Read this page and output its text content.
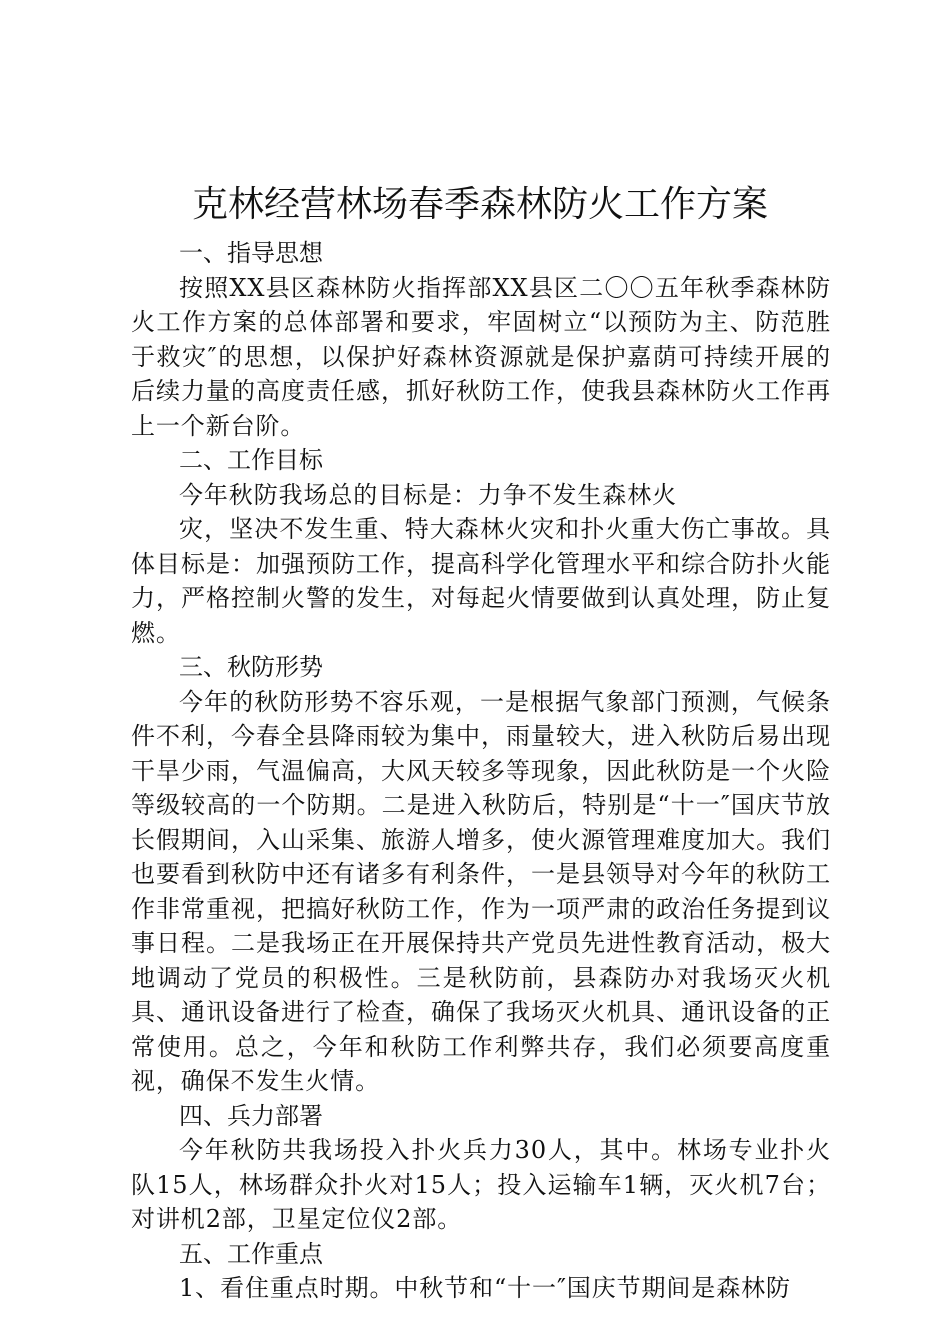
克林经营林场春季森林防火工作方案

一、指导思想

按照XX县区森林防火指挥部XX县区二〇〇五年秋季森林防火工作方案的总体部署和要求，牢固树立“以预防为主、防范胜于救灾″的思想，以保护好森林资源就是保护嘉荫可持续开展的后续力量的高度责任感，抓好秋防工作，使我县森林防火工作再上一个新台阶。

二、工作目标

今年秋防我场总的目标是：力争不发生森林火

灾，坚决不发生重、特大森林火灾和扑火重大伤亡事故。具体目标是：加强预防工作，提高科学化管理水平和综合防扑火能力，严格控制火警的发生，对每起火情要做到认真处理，防止复燃。

三、秋防形势

今年的秋防形势不容乐观，一是根据气象部门预测，气候条件不利，今春全县降雨较为集中，雨量较大，进入秋防后易出现干旱少雨，气温偏高，大风天较多等现象，因此秋防是一个火险等级较高的一个防期。二是进入秋防后，特别是“十一″国庆节放长假期间，入山采集、旅游人增多，使火源管理难度加大。我们也要看到秋防中还有诸多有利条件，一是县领导对今年的秋防工作非常重视，把搞好秋防工作，作为一项严肃的政治任务提到议事日程。二是我场正在开展保持共产党员先进性教育活动，极大地调动了党员的积极性。三是秋防前，县森防办对我场灭火机具、通讯设备进行了检查，确保了我场灭火机具、通讯设备的正常使用。总之，今年和秋防工作利弊共存，我们必须要高度重视，确保不发生火情。

四、兵力部署

今年秋防共我场投入扑火兵力30人，其中。林场专业扑火队15人，林场群众扑火对15人；投入运输车1辆，灭火机7台；对讲机2部，卫星定位仪2部。

五、工作重点

1、看住重点时期。中秋节和“十一″国庆节期间是森林防
